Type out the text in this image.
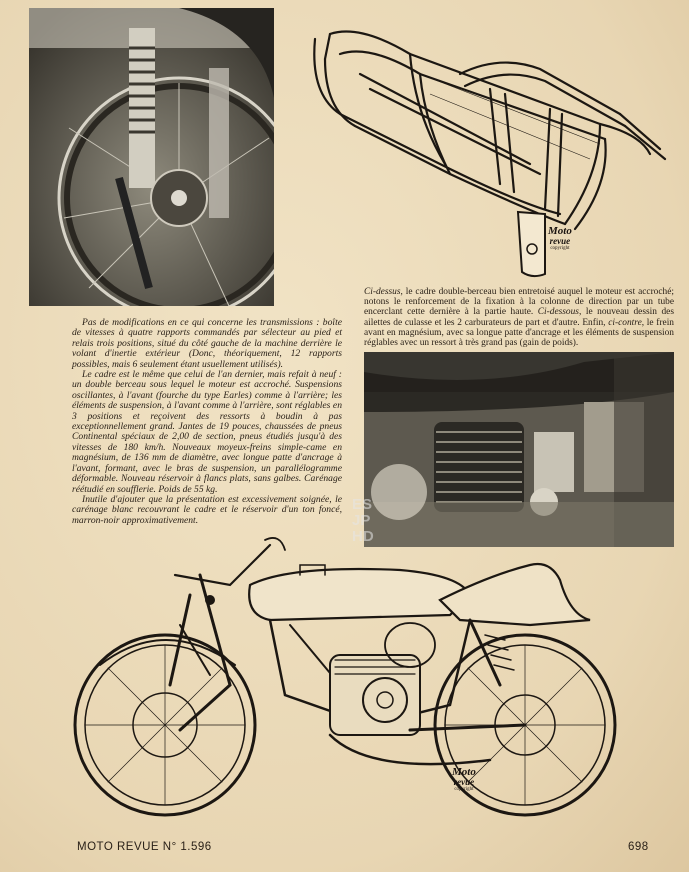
Moto
revue
copyright
Ci-dessus, le cadre double-berceau bien entretoisé auquel le moteur est accroché; notons le renforcement de la fixation à la colonne de direction par un tube encerclant cette dernière à la partie haute. Ci-dessous, le nouveau dessin des ailettes de culasse et les 2 carburateurs de part et d'autre. Enfin, ci-contre, le frein avant en magnésium, avec sa longue patte d'ancrage et les éléments de suspension réglables avec un ressort à très grand pas (gain de poids).

Pas de modifications en ce qui concerne les transmissions : boîte de vitesses à quatre rapports commandés par sélecteur au pied et relais trois positions, situé du côté gauche de la machine derrière le volant d'inertie extérieur (Donc, théoriquement, 12 rapports possibles, mais 6 seulement étant usuellement utilisés).

Le cadre est le même que celui de l'an dernier, mais refait à neuf : un double berceau sous lequel le moteur est accroché. Suspensions oscillantes, à l'avant (fourche du type Earles) comme à l'arrière; les éléments de suspension, à l'avant comme à l'arrière, sont réglables en 3 positions et reçoivent des ressorts à boudin à pas exceptionnellement grand. Jantes de 19 pouces, chaussées de pneus Continental spéciaux de 2,00 de section, pneus étudiés jusqu'à des vitesses de 180 km/h. Nouveaux moyeux-freins simple-came en magnésium, de 136 mm de diamètre, avec longue patte d'ancrage à l'avant, formant, avec le bras de suspension, un parallélogramme déformable. Nouveau réservoir à flancs plats, sans galbes. Carénage réétudié en soufflerie. Poids de 55 kg.

Inutile d'ajouter que la présentation est excessivement soignée, le carénage blanc recouvrant le cadre et le réservoir d'un ton foncé, marron-noir approximativement.

ES
JP
HD
Moto
revue
copyright
MOTO REVUE N° 1.596	698
